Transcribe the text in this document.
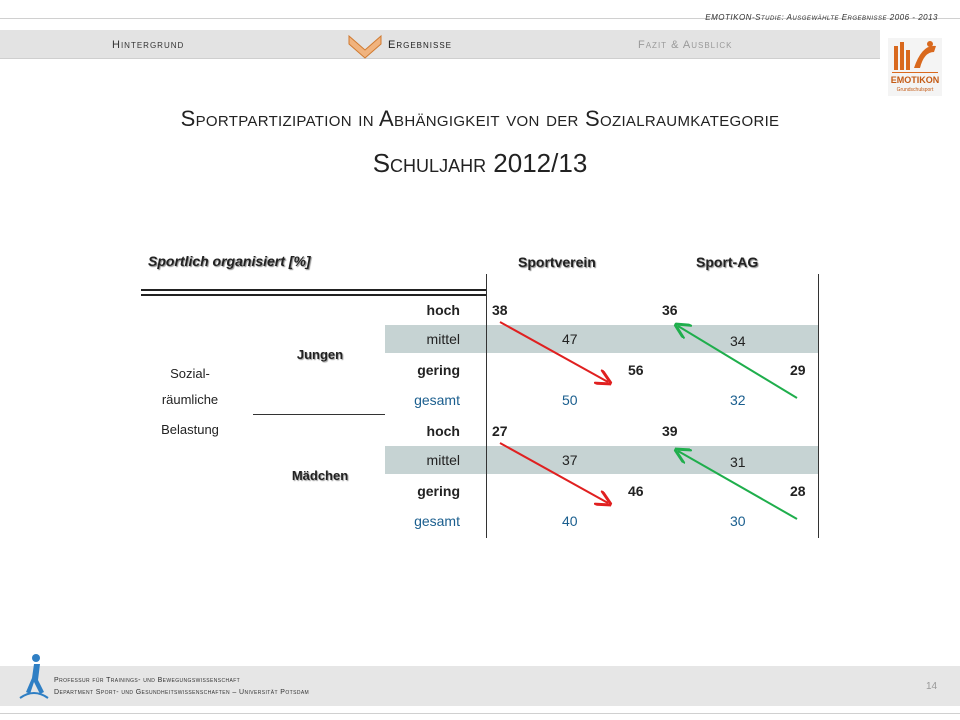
EMOTIKON-Studie: Ausgewählte Ergebnisse 2006 - 2013
Hintergrund	Ergebnisse	Fazit & Ausblick
EMOTIKON
Grundschulsport
Sportpartizipation in Abhängigkeit von der Sozialraumkategorie
Schuljahr 2012/13
Sportlich organisiert [%]	Sportverein	Sport-AG
Sozial-
räumliche
Belastung
Jungen
Mädchen
hoch 38	36
mittel	47	34
gering	56	29
gesamt	50	32
hoch 27	39
mittel	37	31
gering	46	28
gesamt	40	30
Professur für Trainings- und Bewegungswissenschaft
Department Sport- und Gesundheitswissenschaften – Universität Potsdam
14
